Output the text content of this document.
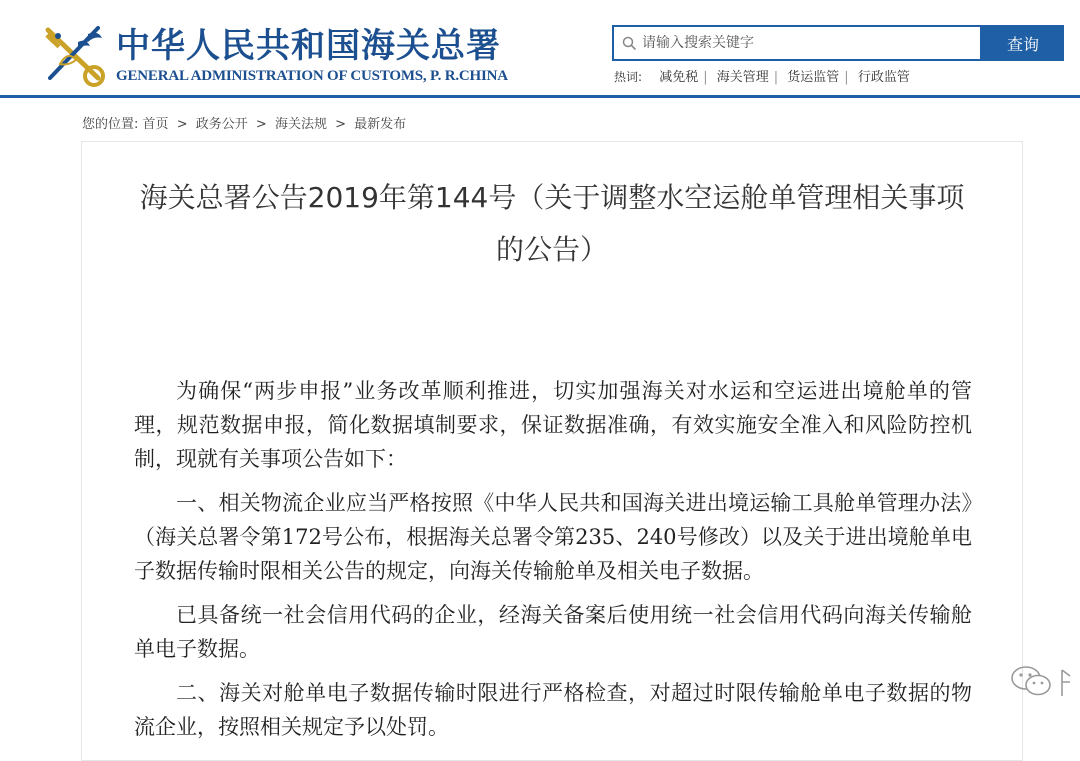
中华人民共和国海关总署
GENERAL ADMINISTRATION OF CUSTOMS, P. R.CHINA
请输入搜索关键字
查询
热词: 减免税 | 海关管理 | 货运监管 | 行政监管
您的位置: 首页 > 政务公开 > 海关法规 > 最新发布
海关总署公告2019年第144号（关于调整水空运舱单管理相关事项
的公告）

为确保“两步申报”业务改革顺利推进，切实加强海关对水运和空运进出境舱单的管理，规范数据申报，简化数据填制要求，保证数据准确，有效实施安全准入和风险防控机制，现就有关事项公告如下：

一、相关物流企业应当严格按照《中华人民共和国海关进出境运输工具舱单管理办法》（海关总署令第172号公布，根据海关总署令第235、240号修改）以及关于进出境舱单电子数据传输时限相关公告的规定，向海关传输舱单及相关电子数据。

已具备统一社会信用代码的企业，经海关备案后使用统一社会信用代码向海关传输舱单电子数据。

二、海关对舱单电子数据传输时限进行严格检查，对超过时限传输舱单电子数据的物流企业，按照相关规定予以处罚。
